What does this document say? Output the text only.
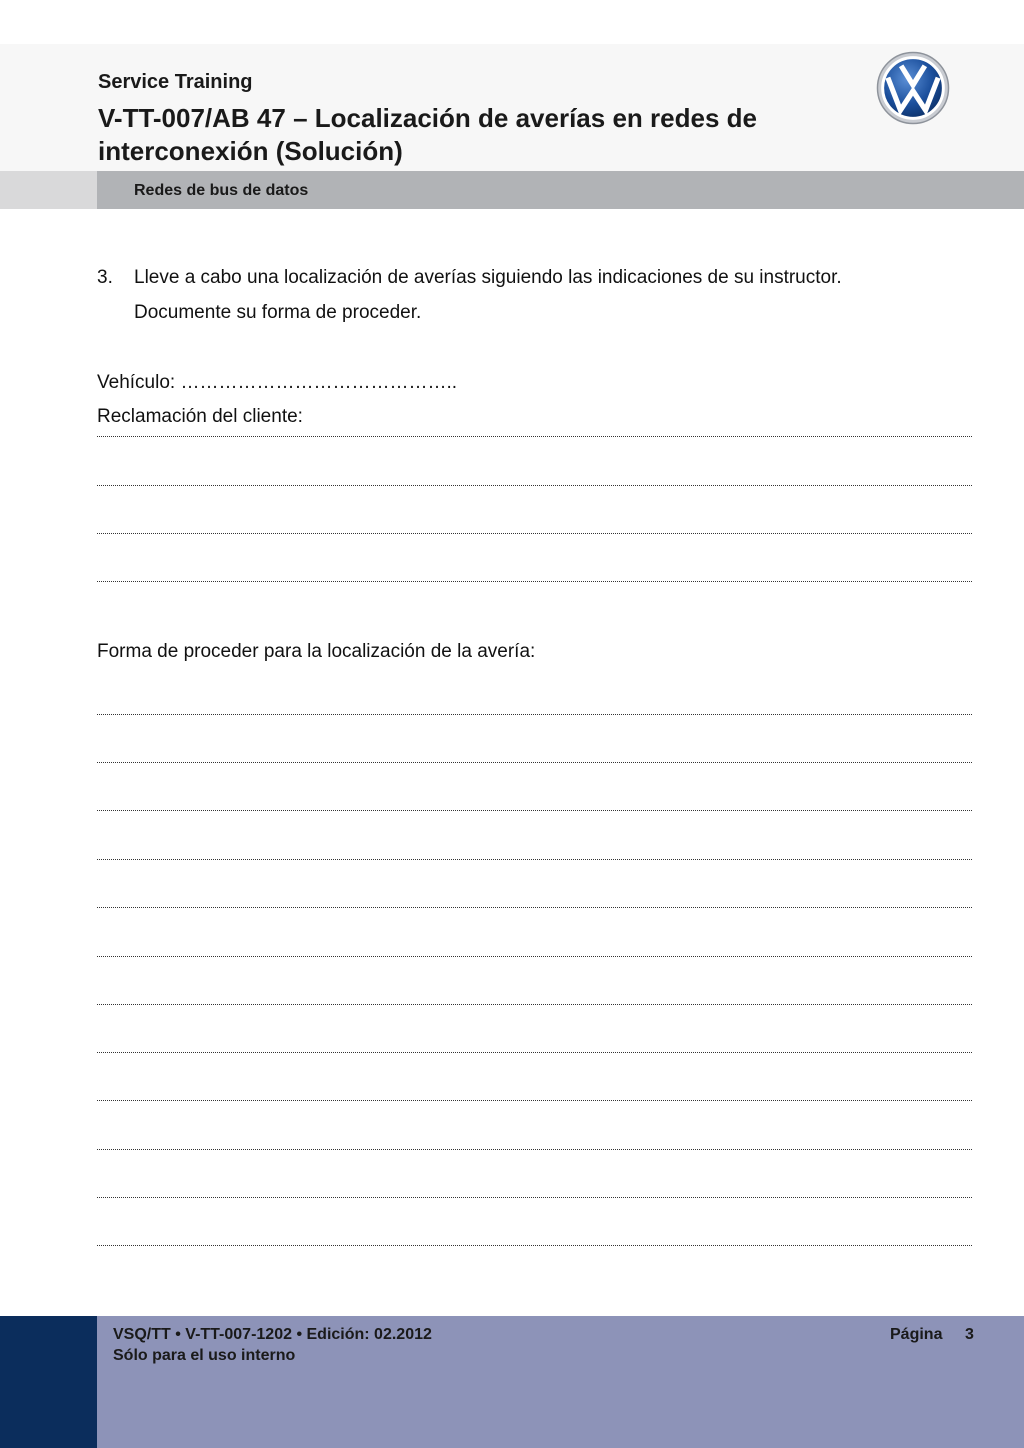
Service Training
V-TT-007/AB 47 – Localización de averías en redes de interconexión (Solución)
Redes de bus de datos
3. Lleve a cabo una localización de averías siguiendo las indicaciones de su instructor.
Documente su forma de proceder.
Vehículo: ……………………………………..
Reclamación del cliente:
Forma de proceder para la localización de la avería:
VSQ/TT • V-TT-007-1202 • Edición: 02.2012
Sólo para el uso interno
Página 3
